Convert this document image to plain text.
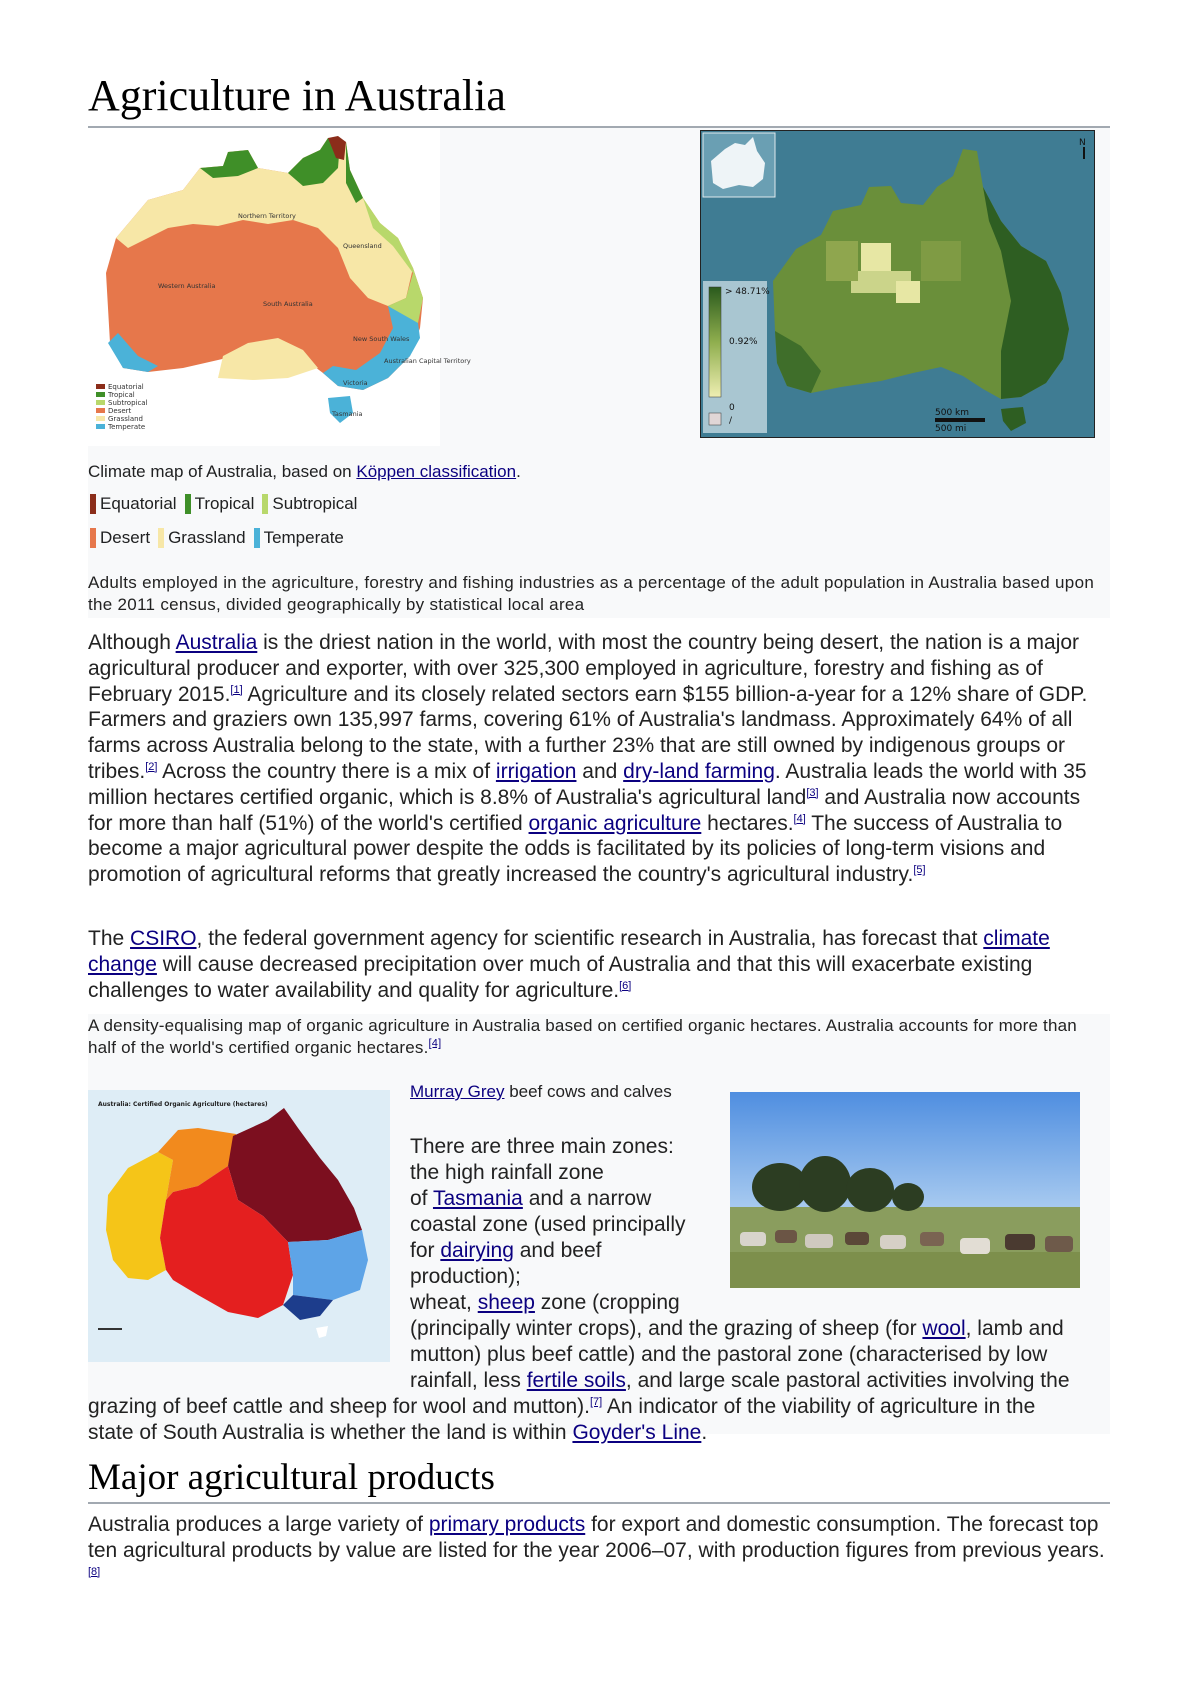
Agriculture in Australia
Northern Territory
Queensland
Western Australia
South Australia
New South Wales
Victoria
Tasmania
Australian Capital Territory
Equatorial
Tropical
Subtropical
Desert
Grassland
Temperate
N
> 48.71%
0.92%
0
/
500 km
500 mi
Climate map of Australia, based on Köppen classification.
Equatorial Tropical Subtropical
Desert Grassland Temperate
Adults employed in the agriculture, forestry and fishing industries as a percentage of the adult population in Australia based upon the 2011 census, divided geographically by statistical local area

Although Australia is the driest nation in the world, with most the country being desert, the nation is a major agricultural producer and exporter, with over 325,300 employed in agriculture, forestry and fishing as of February 2015.[1] Agriculture and its closely related sectors earn $155 billion-a-year for a 12% share of GDP. Farmers and graziers own 135,997 farms, covering 61% of Australia's landmass. Approximately 64% of all farms across Australia belong to the state, with a further 23% that are still owned by indigenous groups or tribes.[2] Across the country there is a mix of irrigation and dry-land farming. Australia leads the world with 35 million hectares certified organic, which is 8.8% of Australia's agricultural land[3] and Australia now accounts for more than half (51%) of the world's certified organic agriculture hectares.[4] The success of Australia to become a major agricultural power despite the odds is facilitated by its policies of long-term visions and promotion of agricultural reforms that greatly increased the country's agricultural industry.[5]

The CSIRO, the federal government agency for scientific research in Australia, has forecast that climate change will cause decreased precipitation over much of Australia and that this will exacerbate existing challenges to water availability and quality for agriculture.[6]

A density-equalising map of organic agriculture in Australia based on certified organic hectares. Australia accounts for more than half of the world's certified organic hectares.[4]
Australia: Certified Organic Agriculture (hectares)
Murray Grey beef cows and calves
There are three main zones:
the high rainfall zone
of Tasmania and a narrow
coastal zone (used principally
for dairying and beef
production);
wheat, sheep zone (cropping
(principally winter crops), and the grazing of sheep (for wool, lamb and
mutton) plus beef cattle) and the pastoral zone (characterised by low
rainfall, less fertile soils, and large scale pastoral activities involving the
grazing of beef cattle and sheep for wool and mutton).[7] An indicator of the viability of agriculture in the
state of South Australia is whether the land is within Goyder's Line.
Major agricultural products

Australia produces a large variety of primary products for export and domestic consumption. The forecast top ten agricultural products by value are listed for the year 2006–07, with production figures from previous years.[8]
